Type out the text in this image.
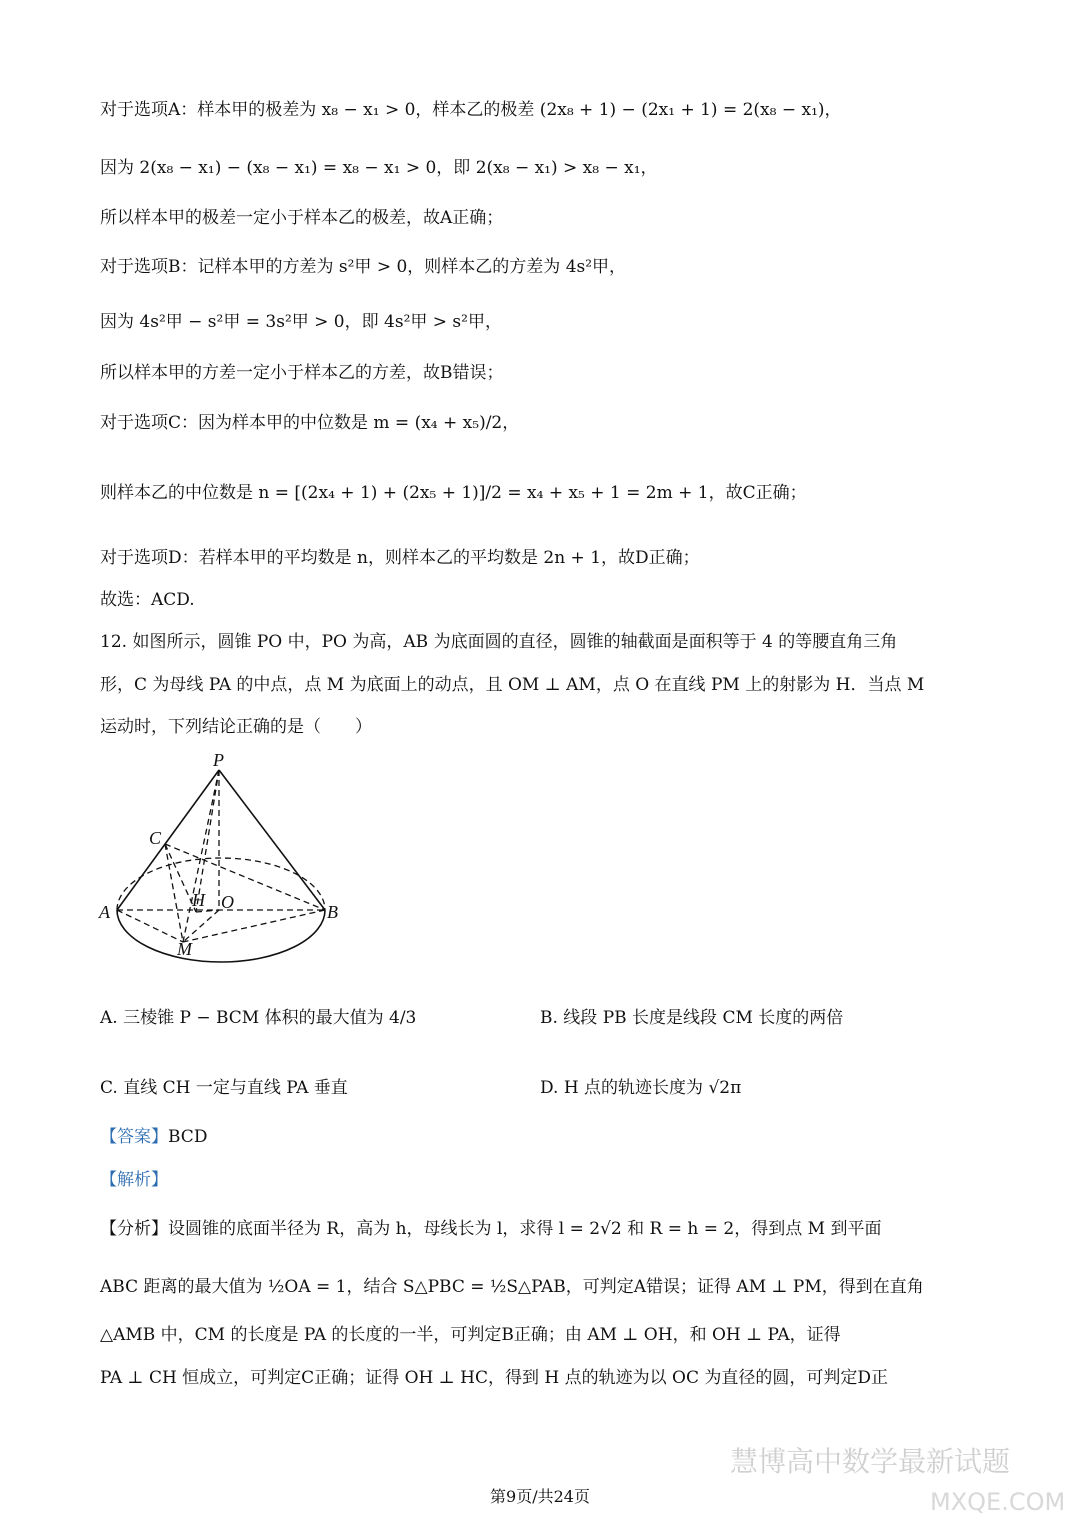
对于选项A：样本甲的极差为 x₈ − x₁ > 0，样本乙的极差 (2x₈ + 1) − (2x₁ + 1) = 2(x₈ − x₁)，
因为 2(x₈ − x₁) − (x₈ − x₁) = x₈ − x₁ > 0，即 2(x₈ − x₁) > x₈ − x₁，
所以样本甲的极差一定小于样本乙的极差，故A正确；
对于选项B：记样本甲的方差为 s²甲 > 0，则样本乙的方差为 4s²甲，
因为 4s²甲 − s²甲 = 3s²甲 > 0，即 4s²甲 > s²甲，
所以样本甲的方差一定小于样本乙的方差，故B错误；
对于选项C：因为样本甲的中位数是 m = (x₄ + x₅)/2，
则样本乙的中位数是 n = [(2x₄ + 1) + (2x₅ + 1)]/2 = x₄ + x₅ + 1 = 2m + 1，故C正确；
对于选项D：若样本甲的平均数是 n，则样本乙的平均数是 2n + 1，故D正确；
故选：ACD.
12. 如图所示，圆锥 PO 中，PO 为高，AB 为底面圆的直径，圆锥的轴截面是面积等于 4 的等腰直角三角
形，C 为母线 PA 的中点，点 M 为底面上的动点，且 OM ⊥ AM，点 O 在直线 PM 上的射影为 H．当点 M
运动时，下列结论正确的是（　　）
P
C
H O
A	B
M
A. 三棱锥 P − BCM 体积的最大值为 4/3	B. 线段 PB 长度是线段 CM 长度的两倍
C. 直线 CH 一定与直线 PA 垂直	D. H 点的轨迹长度为 √2π
【答案】BCD
【解析】
【分析】设圆锥的底面半径为 R，高为 h，母线长为 l，求得 l = 2√2 和 R = h = 2，得到点 M 到平面
ABC 距离的最大值为 ½OA = 1，结合 S△PBC = ½S△PAB，可判定A错误；证得 AM ⊥ PM，得到在直角
△AMB 中，CM 的长度是 PA 的长度的一半，可判定B正确；由 AM ⊥ OH，和 OH ⊥ PA，证得
PA ⊥ CH 恒成立，可判定C正确；证得 OH ⊥ HC，得到 H 点的轨迹为以 OC 为直径的圆，可判定D正
慧博高中数学最新试题
MXQE.COM
第9页/共24页
